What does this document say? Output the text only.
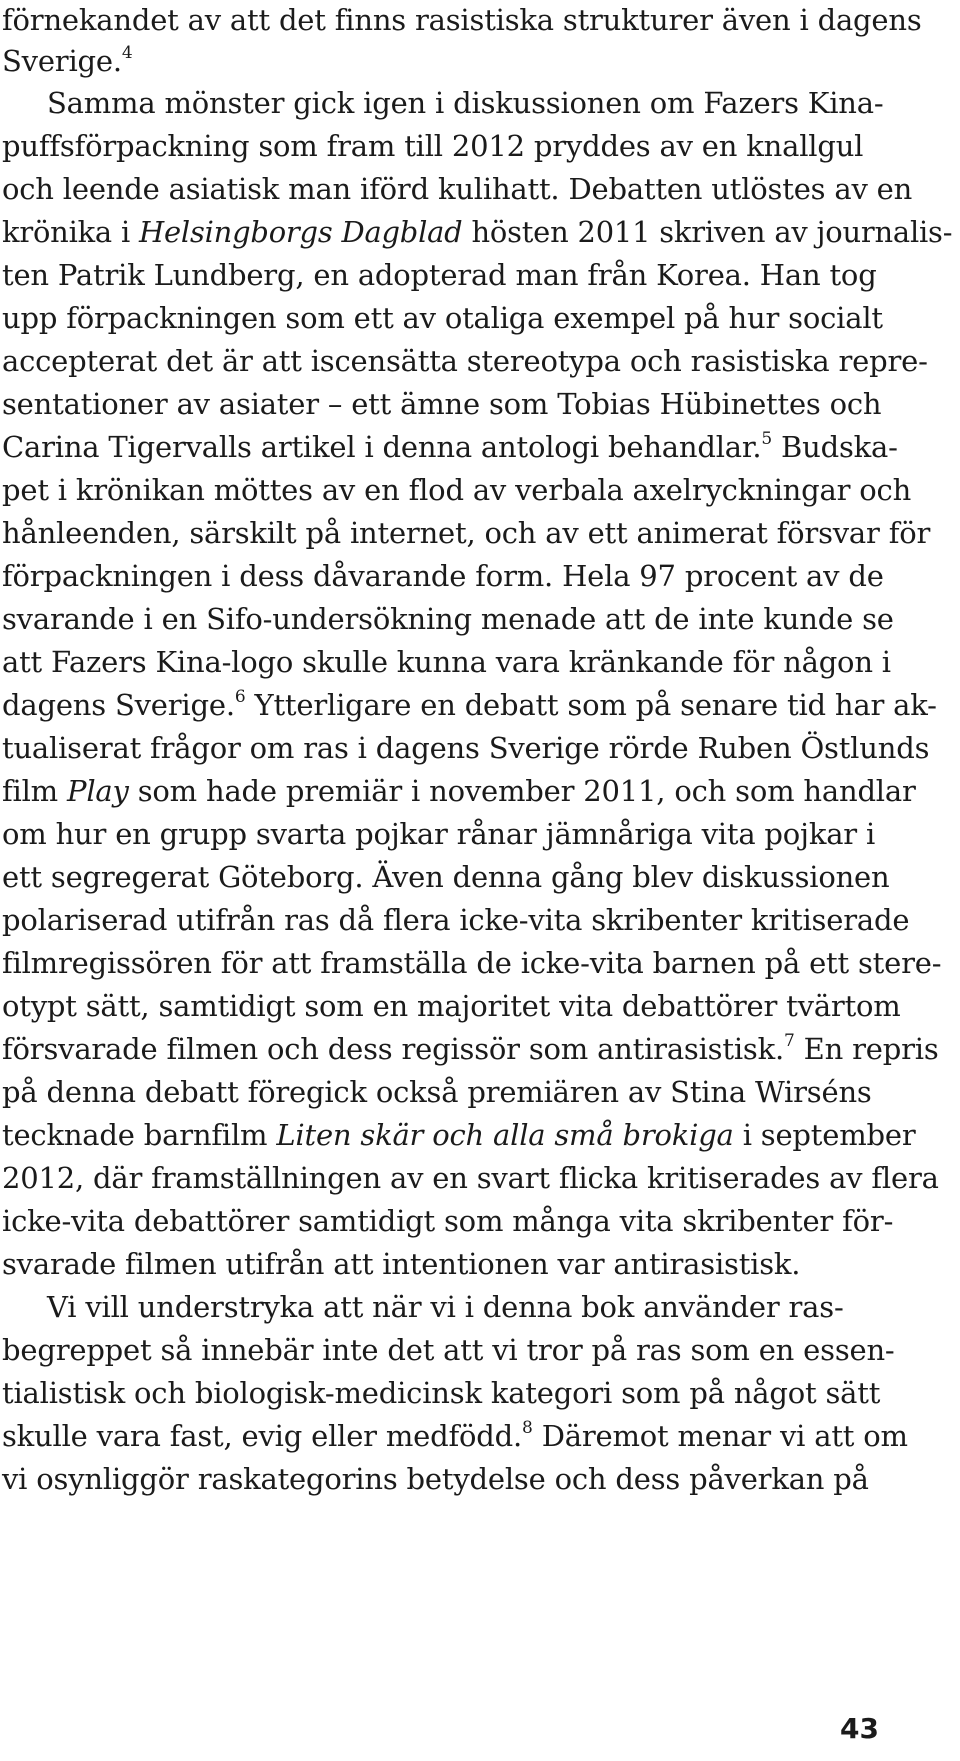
förnekandet av att det finns rasistiska strukturer även i dagens
Sverige.$^4$
Samma mönster gick igen i diskussionen om Fazers Kina-
puffsförpackning som fram till 2012 pryddes av en knallgul
och leende asiatisk man iförd kulihatt. Debatten utlöstes av en
krönika i Helsingborgs Dagblad hösten 2011 skriven av journalis-
ten Patrik Lundberg, en adopterad man från Korea. Han tog
upp förpackningen som ett av otaliga exempel på hur socialt
accepterat det är att iscensätta stereotypa och rasistiska repre-
sentationer av asiater – ett ämne som Tobias Hübinettes och
Carina Tigervalls artikel i denna antologi behandlar.$^5$ Budska-
pet i krönikan möttes av en flod av verbala axelryckningar och
hånleenden, särskilt på internet, och av ett animerat försvar för
förpackningen i dess dåvarande form. Hela 97 procent av de
svarande i en Sifo-undersökning menade att de inte kunde se
att Fazers Kina-logo skulle kunna vara kränkande för någon i
dagens Sverige.$^6$ Ytterligare en debatt som på senare tid har ak-
tualiserat frågor om ras i dagens Sverige rörde Ruben Östlunds
film Play som hade premiär i november 2011, och som handlar
om hur en grupp svarta pojkar rånar jämnåriga vita pojkar i
ett segregerat Göteborg. Även denna gång blev diskussionen
polariserad utifrån ras då flera icke-vita skribenter kritiserade
filmregissören för att framställa de icke-vita barnen på ett stere-
otypt sätt, samtidigt som en majoritet vita debattörer tvärtom
försvarade filmen och dess regissör som antirasistisk.$^7$ En repris
på denna debatt föregick också premiären av Stina Wirséns
tecknade barnfilm Liten skär och alla små brokiga i september
2012, där framställningen av en svart flicka kritiserades av flera
icke-vita debattörer samtidigt som många vita skribenter för-
svarade filmen utifrån att intentionen var antirasistisk.
Vi vill understryka att när vi i denna bok använder ras-
begreppet så innebär inte det att vi tror på ras som en essen-
tialistisk och biologisk-medicinsk kategori som på något sätt
skulle vara fast, evig eller medfödd.$^8$ Däremot menar vi att om
vi osynliggör raskategorins betydelse och dess påverkan på
43
